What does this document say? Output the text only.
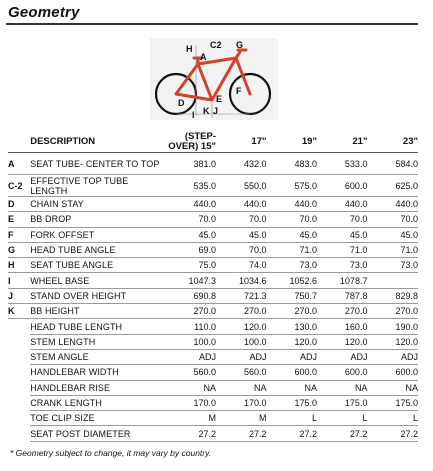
Geometry
H C2 G
A
D	E
F
I K J
	DESCRIPTION	(STEP-OVER) 15"	17"	19"	21"	23"
A	SEAT TUBE- CENTER TO TOP	381.0	432.0	483.0	533.0	584.0
C-2	EFFECTIVE TOP TUBE LENGTH	535.0	550.0	575.0	600.0	625.0
D	CHAIN STAY	440.0	440.0	440.0	440.0	440.0
E	BB DROP	70.0	70.0	70.0	70.0	70.0
F	FORK OFFSET	45.0	45.0	45.0	45.0	45.0
G	HEAD TUBE ANGLE	69.0	70.0	71.0	71.0	71.0
H	SEAT TUBE ANGLE	75.0	74.0	73.0	73.0	73.0
I	WHEEL BASE	1047.3	1034.6	1052.6	1078.7	
J	STAND OVER HEIGHT	690.8	721.3	750.7	787.8	829.8
K	BB HEIGHT	270.0	270.0	270.0	270.0	270.0
	HEAD TUBE LENGTH	110.0	120.0	130.0	160.0	190.0
	STEM LENGTH	100.0	100.0	120.0	120.0	120.0
	STEM ANGLE	ADJ	ADJ	ADJ	ADJ	ADJ
	HANDLEBAR WIDTH	560.0	560.0	600.0	600.0	600.0
	HANDLEBAR RISE	NA	NA	NA	NA	NA
	CRANK LENGTH	170.0	170.0	175.0	175.0	175.0
	TOE CLIP SIZE	M	M	L	L	L
	SEAT POST DIAMETER	27.2	27.2	27.2	27.2	27.2
* Geometry subject to change, it may vary by country.
